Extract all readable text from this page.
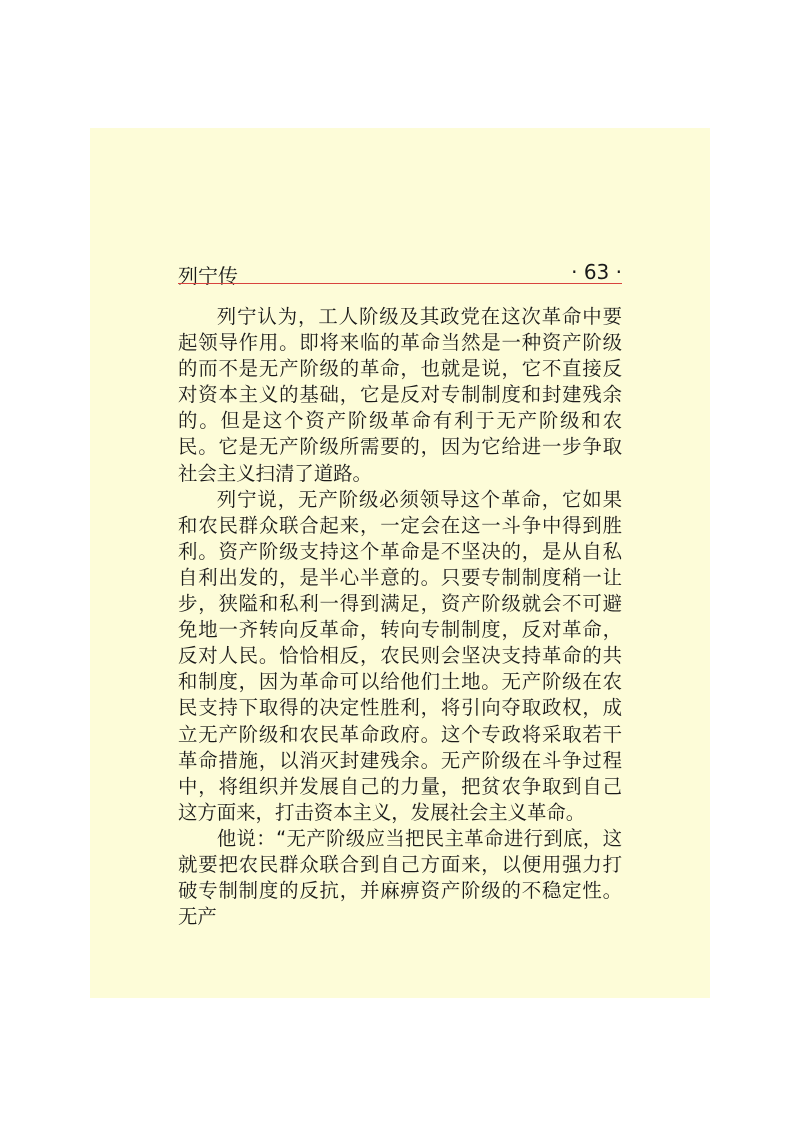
列宁传	· 63 ·

列宁认为，工人阶级及其政党在这次革命中要起领导作用。即将来临的革命当然是一种资产阶级的而不是无产阶级的革命，也就是说，它不直接反对资本主义的基础，它是反对专制制度和封建残余的。但是这个资产阶级革命有利于无产阶级和农民。它是无产阶级所需要的，因为它给进一步争取社会主义扫清了道路。

列宁说，无产阶级必须领导这个革命，它如果和农民群众联合起来，一定会在这一斗争中得到胜利。资产阶级支持这个革命是不坚决的，是从自私自利出发的，是半心半意的。只要专制制度稍一让步，狭隘和私利一得到满足，资产阶级就会不可避免地一齐转向反革命，转向专制制度，反对革命，反对人民。恰恰相反，农民则会坚决支持革命的共和制度，因为革命可以给他们土地。无产阶级在农民支持下取得的决定性胜利，将引向夺取政权，成立无产阶级和农民革命政府。这个专政将采取若干革命措施，以消灭封建残余。无产阶级在斗争过程中，将组织并发展自己的力量，把贫农争取到自己这方面来，打击资本主义，发展社会主义革命。

他说：“无产阶级应当把民主革命进行到底，这就要把农民群众联合到自己方面来，以便用强力打破专制制度的反抗，并麻痹资产阶级的不稳定性。无产
